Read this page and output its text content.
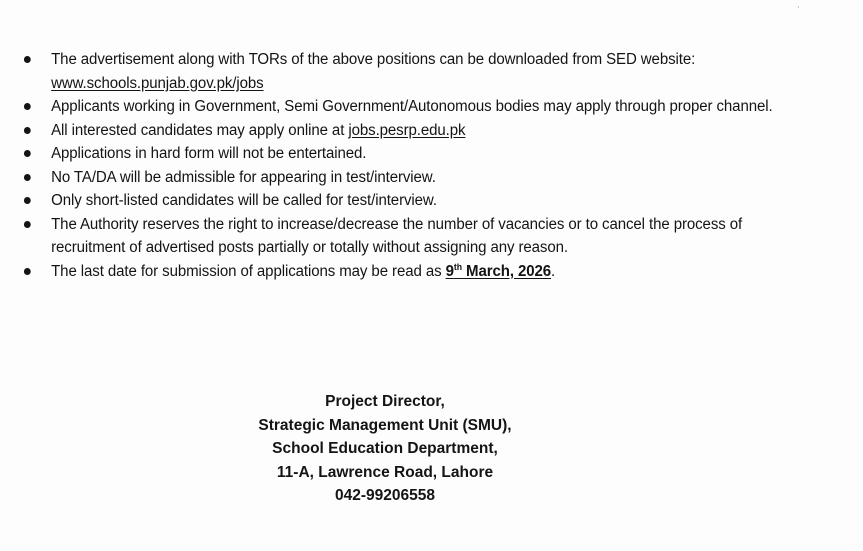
'
The advertisement along with TORs of the above positions can be downloaded from SED website:
www.schools.punjab.gov.pk/jobs
Applicants working in Government, Semi Government/Autonomous bodies may apply through proper channel.
All interested candidates may apply online at jobs.pesrp.edu.pk
Applications in hard form will not be entertained.
No TA/DA will be admissible for appearing in test/interview.
Only short-listed candidates will be called for test/interview.
The Authority reserves the right to increase/decrease the number of vacancies or to cancel the process of recruitment of advertised posts partially or totally without assigning any reason.
The last date for submission of applications may be read as 9th March, 2026.
Project Director,
Strategic Management Unit (SMU),
School Education Department,
11-A, Lawrence Road, Lahore
042-99206558
